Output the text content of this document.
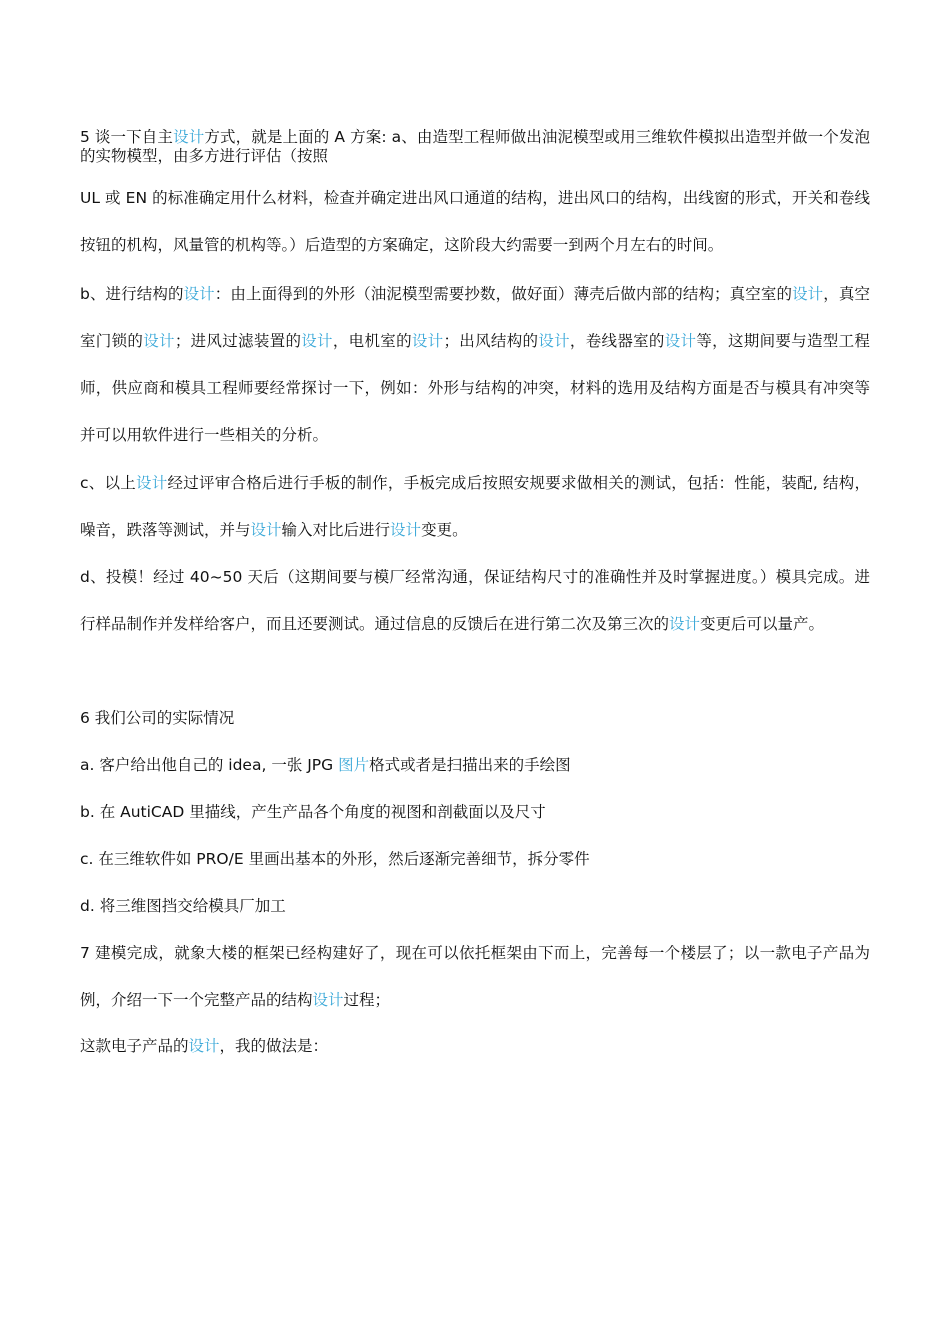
5 谈一下自主设计方式，就是上面的 A 方案: a、由造型工程师做出油泥模型或用三维软件模拟出造型并做一个发泡的实物模型，由多方进行评估（按照

UL 或 EN 的标准确定用什么材料，检查并确定进出风口通道的结构，进出风口的结构，出线窗的形式，开关和卷线按钮的机构，风量管的机构等。）后造型的方案确定，这阶段大约需要一到两个月左右的时间。

b、进行结构的设计：由上面得到的外形（油泥模型需要抄数，做好面）薄壳后做内部的结构；真空室的设计，真空室门锁的设计；进风过滤装置的设计，电机室的设计；出风结构的设计，卷线器室的设计等，这期间要与造型工程师，供应商和模具工程师要经常探讨一下，例如：外形与结构的冲突，材料的选用及结构方面是否与模具有冲突等并可以用软件进行一些相关的分析。

c、以上设计经过评审合格后进行手板的制作，手板完成后按照安规要求做相关的测试，包括：性能，装配, 结构，噪音，跌落等测试，并与设计输入对比后进行设计变更。

d、投模！经过 40~50 天后（这期间要与模厂经常沟通，保证结构尺寸的准确性并及时掌握进度。）模具完成。进行样品制作并发样给客户，而且还要测试。通过信息的反馈后在进行第二次及第三次的设计变更后可以量产。

6 我们公司的实际情况

a. 客户给出他自己的 idea, 一张 JPG 图片格式或者是扫描出来的手绘图

b. 在 AutiCAD 里描线，产生产品各个角度的视图和剖截面以及尺寸

c. 在三维软件如 PRO/E 里画出基本的外形，然后逐渐完善细节，拆分零件

d. 将三维图挡交给模具厂加工

7 建模完成，就象大楼的框架已经构建好了，现在可以依托框架由下而上，完善每一个楼层了；以一款电子产品为例，介绍一下一个完整产品的结构设计过程；

这款电子产品的设计，我的做法是：
